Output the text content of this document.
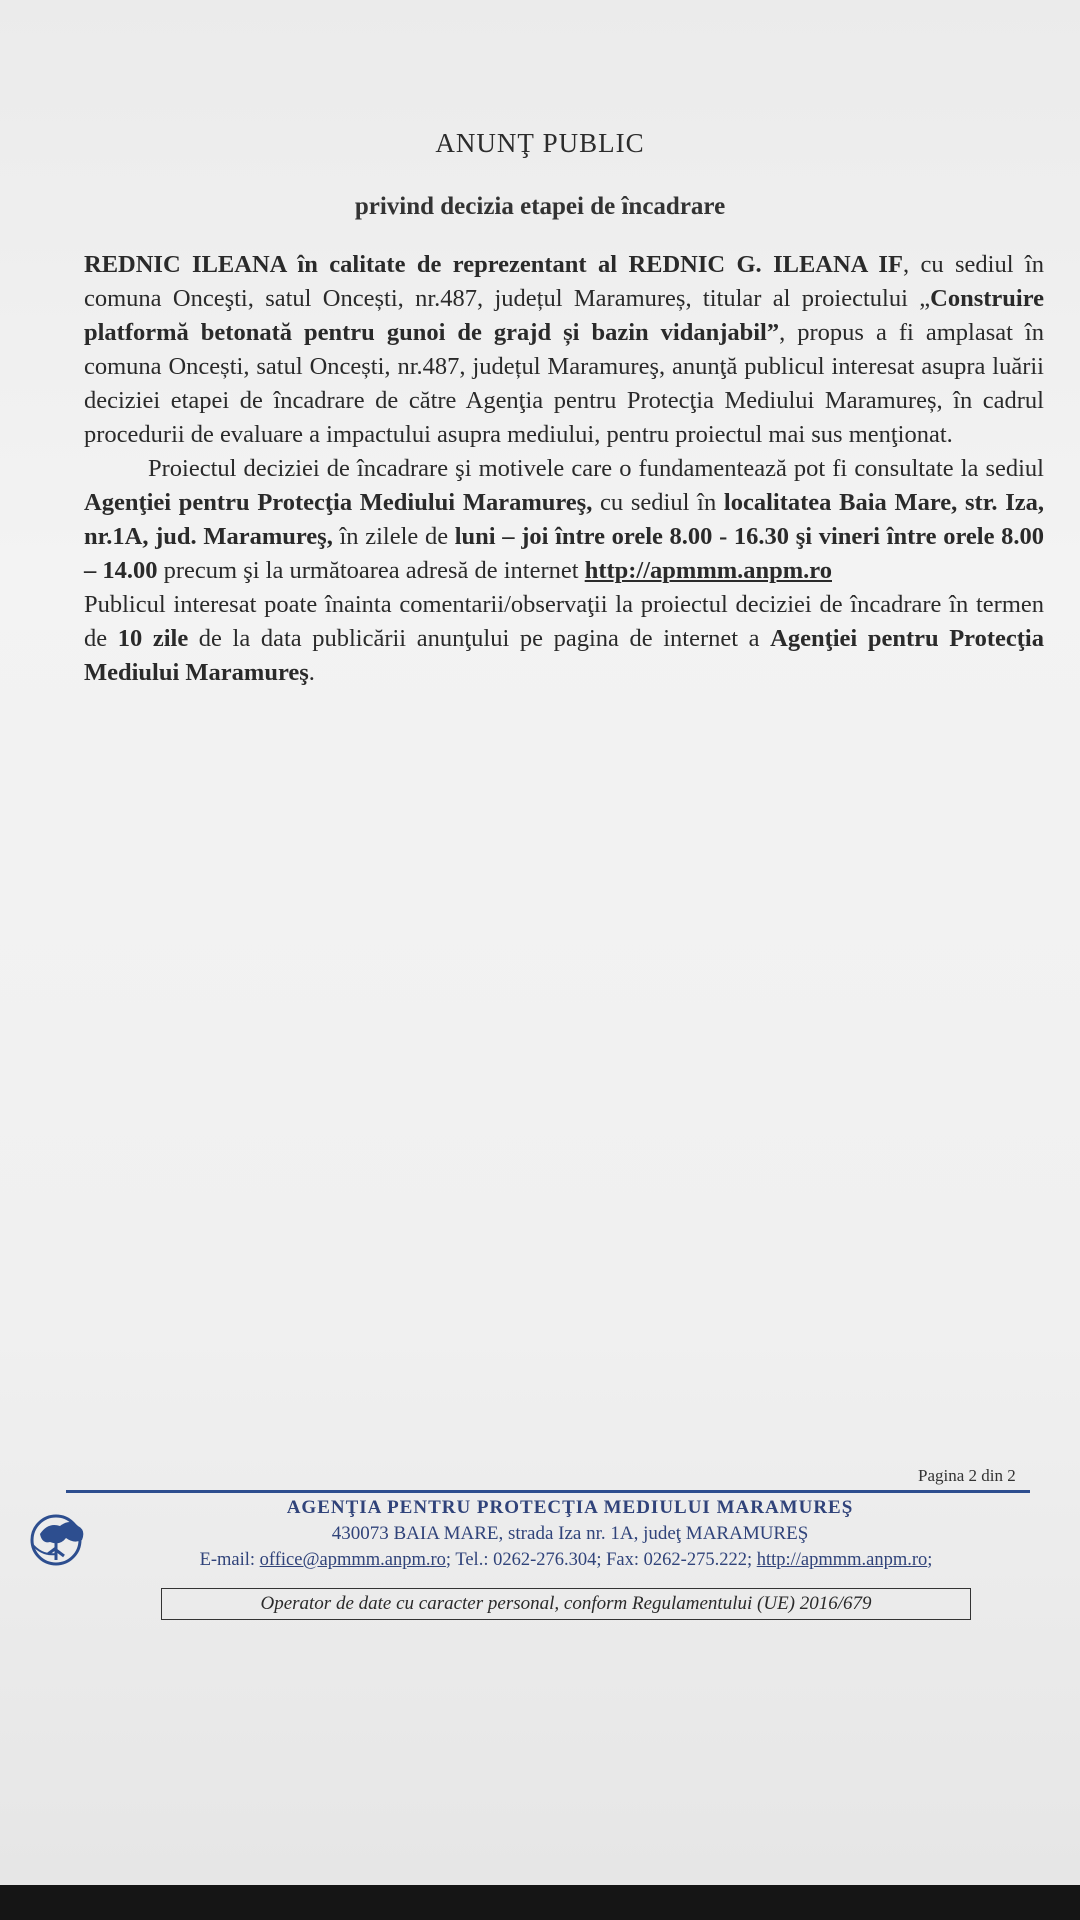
ANUNŢ PUBLIC
privind decizia etapei de încadrare

REDNIC ILEANA în calitate de reprezentant al REDNIC G. ILEANA IF, cu sediul în comuna Onceşti, satul Oncești, nr.487, județul Maramureș, titular al proiectului „Construire platformă betonată pentru gunoi de grajd și bazin vidanjabil”, propus a fi amplasat în comuna Oncești, satul Oncești, nr.487, județul Maramureş, anunţă publicul interesat asupra luării deciziei etapei de încadrare de către Agenţia pentru Protecţia Mediului Maramureș, în cadrul procedurii de evaluare a impactului asupra mediului, pentru proiectul mai sus menţionat.

Proiectul deciziei de încadrare şi motivele care o fundamentează pot fi consultate la sediul Agenţiei pentru Protecţia Mediului Maramureş, cu sediul în localitatea Baia Mare, str. Iza, nr.1A, jud. Maramureş, în zilele de luni – joi între orele 8.00 - 16.30 şi vineri între orele 8.00 – 14.00 precum şi la următoarea adresă de internet http://apmmm.anpm.ro

Publicul interesat poate înainta comentarii/observaţii la proiectul deciziei de încadrare în termen de 10 zile de la data publicării anunţului pe pagina de internet a Agenţiei pentru Protecţia Mediului Maramureş.

Pagina 2 din 2
AGENŢIA PENTRU PROTECŢIA MEDIULUI MARAMUREŞ
430073 BAIA MARE, strada Iza nr. 1A, judeţ MARAMUREŞ
E-mail: office@apmmm.anpm.ro; Tel.: 0262-276.304; Fax: 0262-275.222; http://apmmm.anpm.ro;
Operator de date cu caracter personal, conform Regulamentului (UE) 2016/679
